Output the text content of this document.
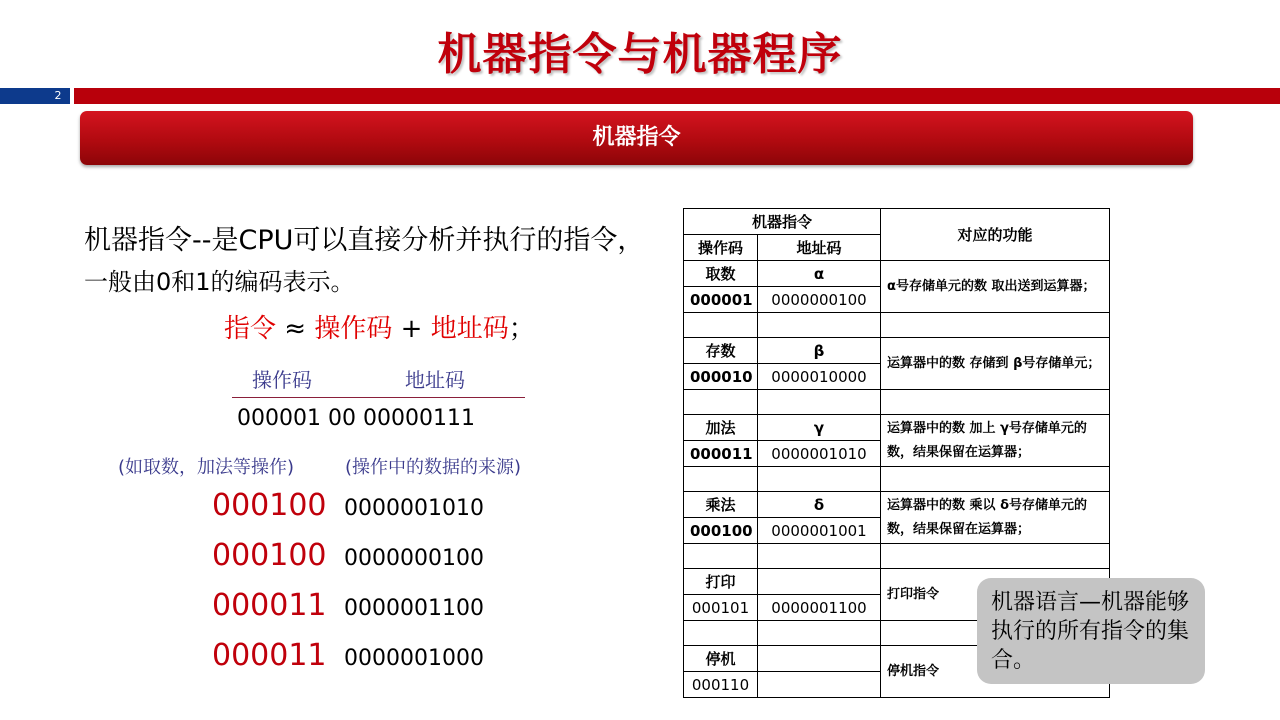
机器指令与机器程序
2
机器指令
机器指令--是CPU可以直接分析并执行的指令，
一般由0和1的编码表示。
指令 ≈ 操作码 + 地址码；
操作码	地址码
000001 00 00000111
(如取数，加法等操作)	(操作中的数据的来源)
000100 0000001010
000100 0000000100
000011 0000001100
000011 0000001000
机器指令		对应的功能
操作码	地址码	
取数	α	α号存储单元的数 取出送到运算器；
000001	0000000100	

存数	β	运算器中的数 存储到 β号存储单元；
000010	0000010000	

加法	γ	运算器中的数 加上 γ号存储单元的数，结果保留在运算器；
000011	0000001010	

乘法	δ	运算器中的数 乘以 δ号存储单元的数，结果保留在运算器；
000100	0000001001	

打印		打印指令
000101	0000001100	

停机		停机指令
000110		
机器语言—机器能够执行的所有指令的集合。
